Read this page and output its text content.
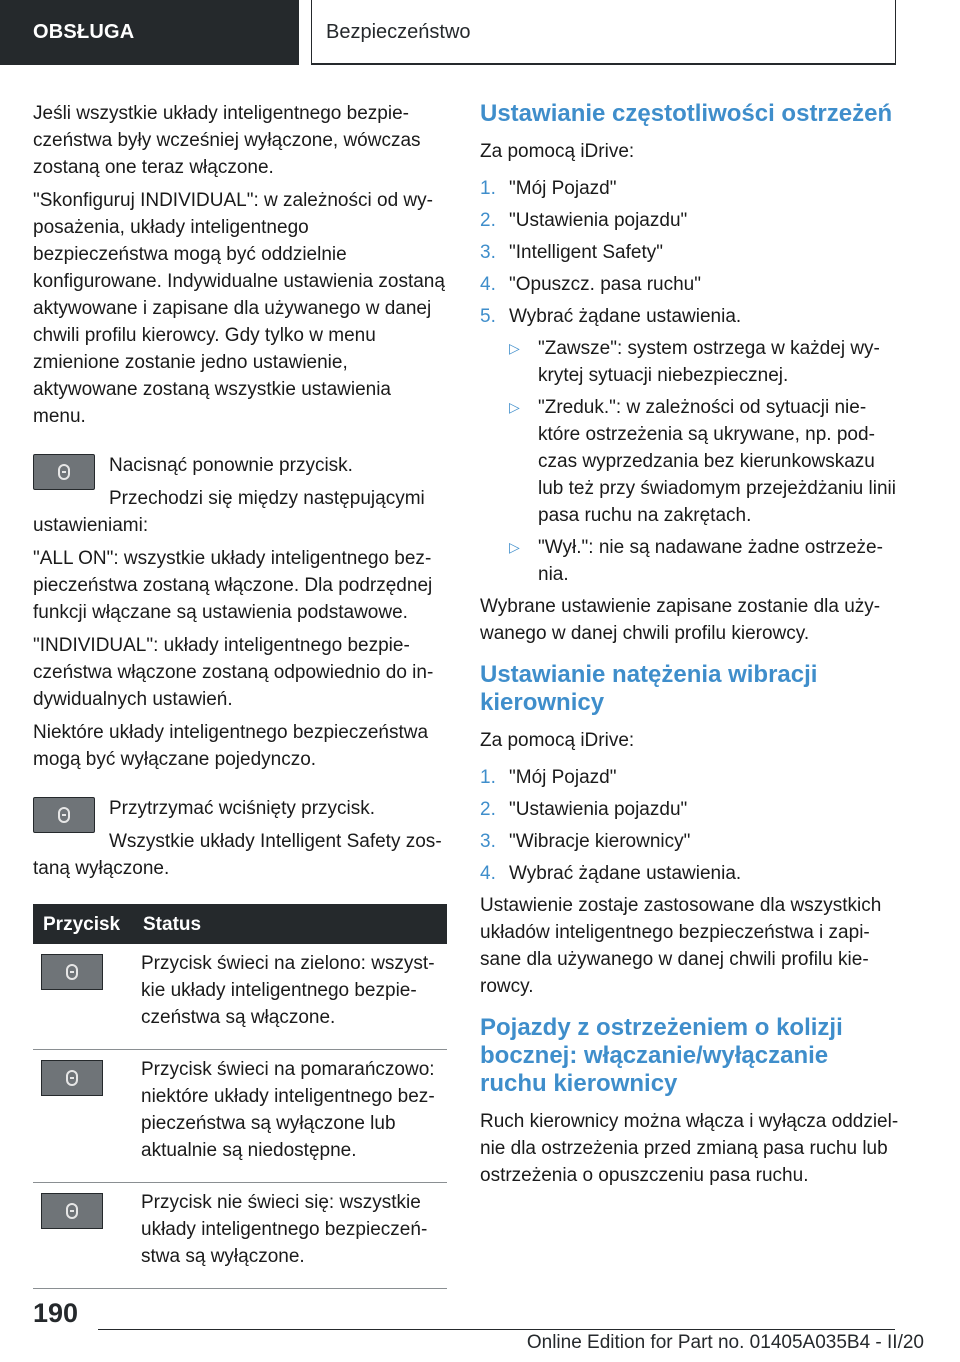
OBSŁUGA	Bezpieczeństwo

Jeśli wszystkie układy inteligentnego bezpieczeństwa były wcześniej wyłączone, wówczas zostaną one teraz włączone.

"Skonfiguruj INDIVIDUAL": w zależności od wyposażenia, układy inteligentnego bezpieczeństwa mogą być oddzielnie konfigurowane. Indywidualne ustawienia zostaną aktywowane i zapisane dla używanego w danej chwili profilu kierowcy. Gdy tylko w menu zmienione zostanie jedno ustawienie, aktywowane zostaną wszystkie ustawienia menu.

Nacisnąć ponownie przycisk.
Przechodzi się między następującymi ustawieniami:

"ALL ON": wszystkie układy inteligentnego bezpieczeństwa zostaną włączone. Dla podrzędnej funkcji włączane są ustawienia podstawowe.

"INDIVIDUAL": układy inteligentnego bezpieczeństwa włączone zostaną odpowiednio do indywidualnych ustawień.

Niektóre układy inteligentnego bezpieczeństwa mogą być wyłączane pojedynczo.

Przytrzymać wciśnięty przycisk.
Wszystkie układy Intelligent Safety zostaną wyłączone.
Przycisk	Status

	Przycisk świeci na zielono: wszystkie układy inteligentnego bezpieczeństwa są włączone.

	Przycisk świeci na pomarańczowo: niektóre układy inteligentnego bezpieczeństwa są wyłączone lub aktualnie są niedostępne.

	Przycisk nie świeci się: wszystkie układy inteligentnego bezpieczeństwa są wyłączone.
Ustawianie częstotliwości ostrzeżeń

Za pomocą iDrive:

1. "Mój Pojazd"
2. "Ustawienia pojazdu"
3. "Intelligent Safety"
4. "Opuszcz. pasa ruchu"
5. Wybrać żądane ustawienia.
▷ "Zawsze": system ostrzega w każdej wykrytej sytuacji niebezpiecznej.
▷ "Zreduk.": w zależności od sytuacji niektóre ostrzeżenia są ukrywane, np. podczas wyprzedzania bez kierunkowskazu lub też przy świadomym przejeżdżaniu linii pasa ruchu na zakrętach.
▷ "Wył.": nie są nadawane żadne ostrzeżenia.

Wybrane ustawienie zapisane zostanie dla używanego w danej chwili profilu kierowcy.

Ustawianie natężenia wibracji kierownicy

Za pomocą iDrive:

1. "Mój Pojazd"
2. "Ustawienia pojazdu"
3. "Wibracje kierownicy"
4. Wybrać żądane ustawienia.

Ustawienie zostaje zastosowane dla wszystkich układów inteligentnego bezpieczeństwa i zapisane dla używanego w danej chwili profilu kierowcy.

Pojazdy z ostrzeżeniem o kolizji bocznej: włączanie/wyłączanie ruchu kierownicy

Ruch kierownicy można włącza i wyłącza oddzielnie dla ostrzeżenia przed zmianą pasa ruchu lub ostrzeżenia o opuszczeniu pasa ruchu.

190
Online Edition for Part no. 01405A035B4 - II/20
